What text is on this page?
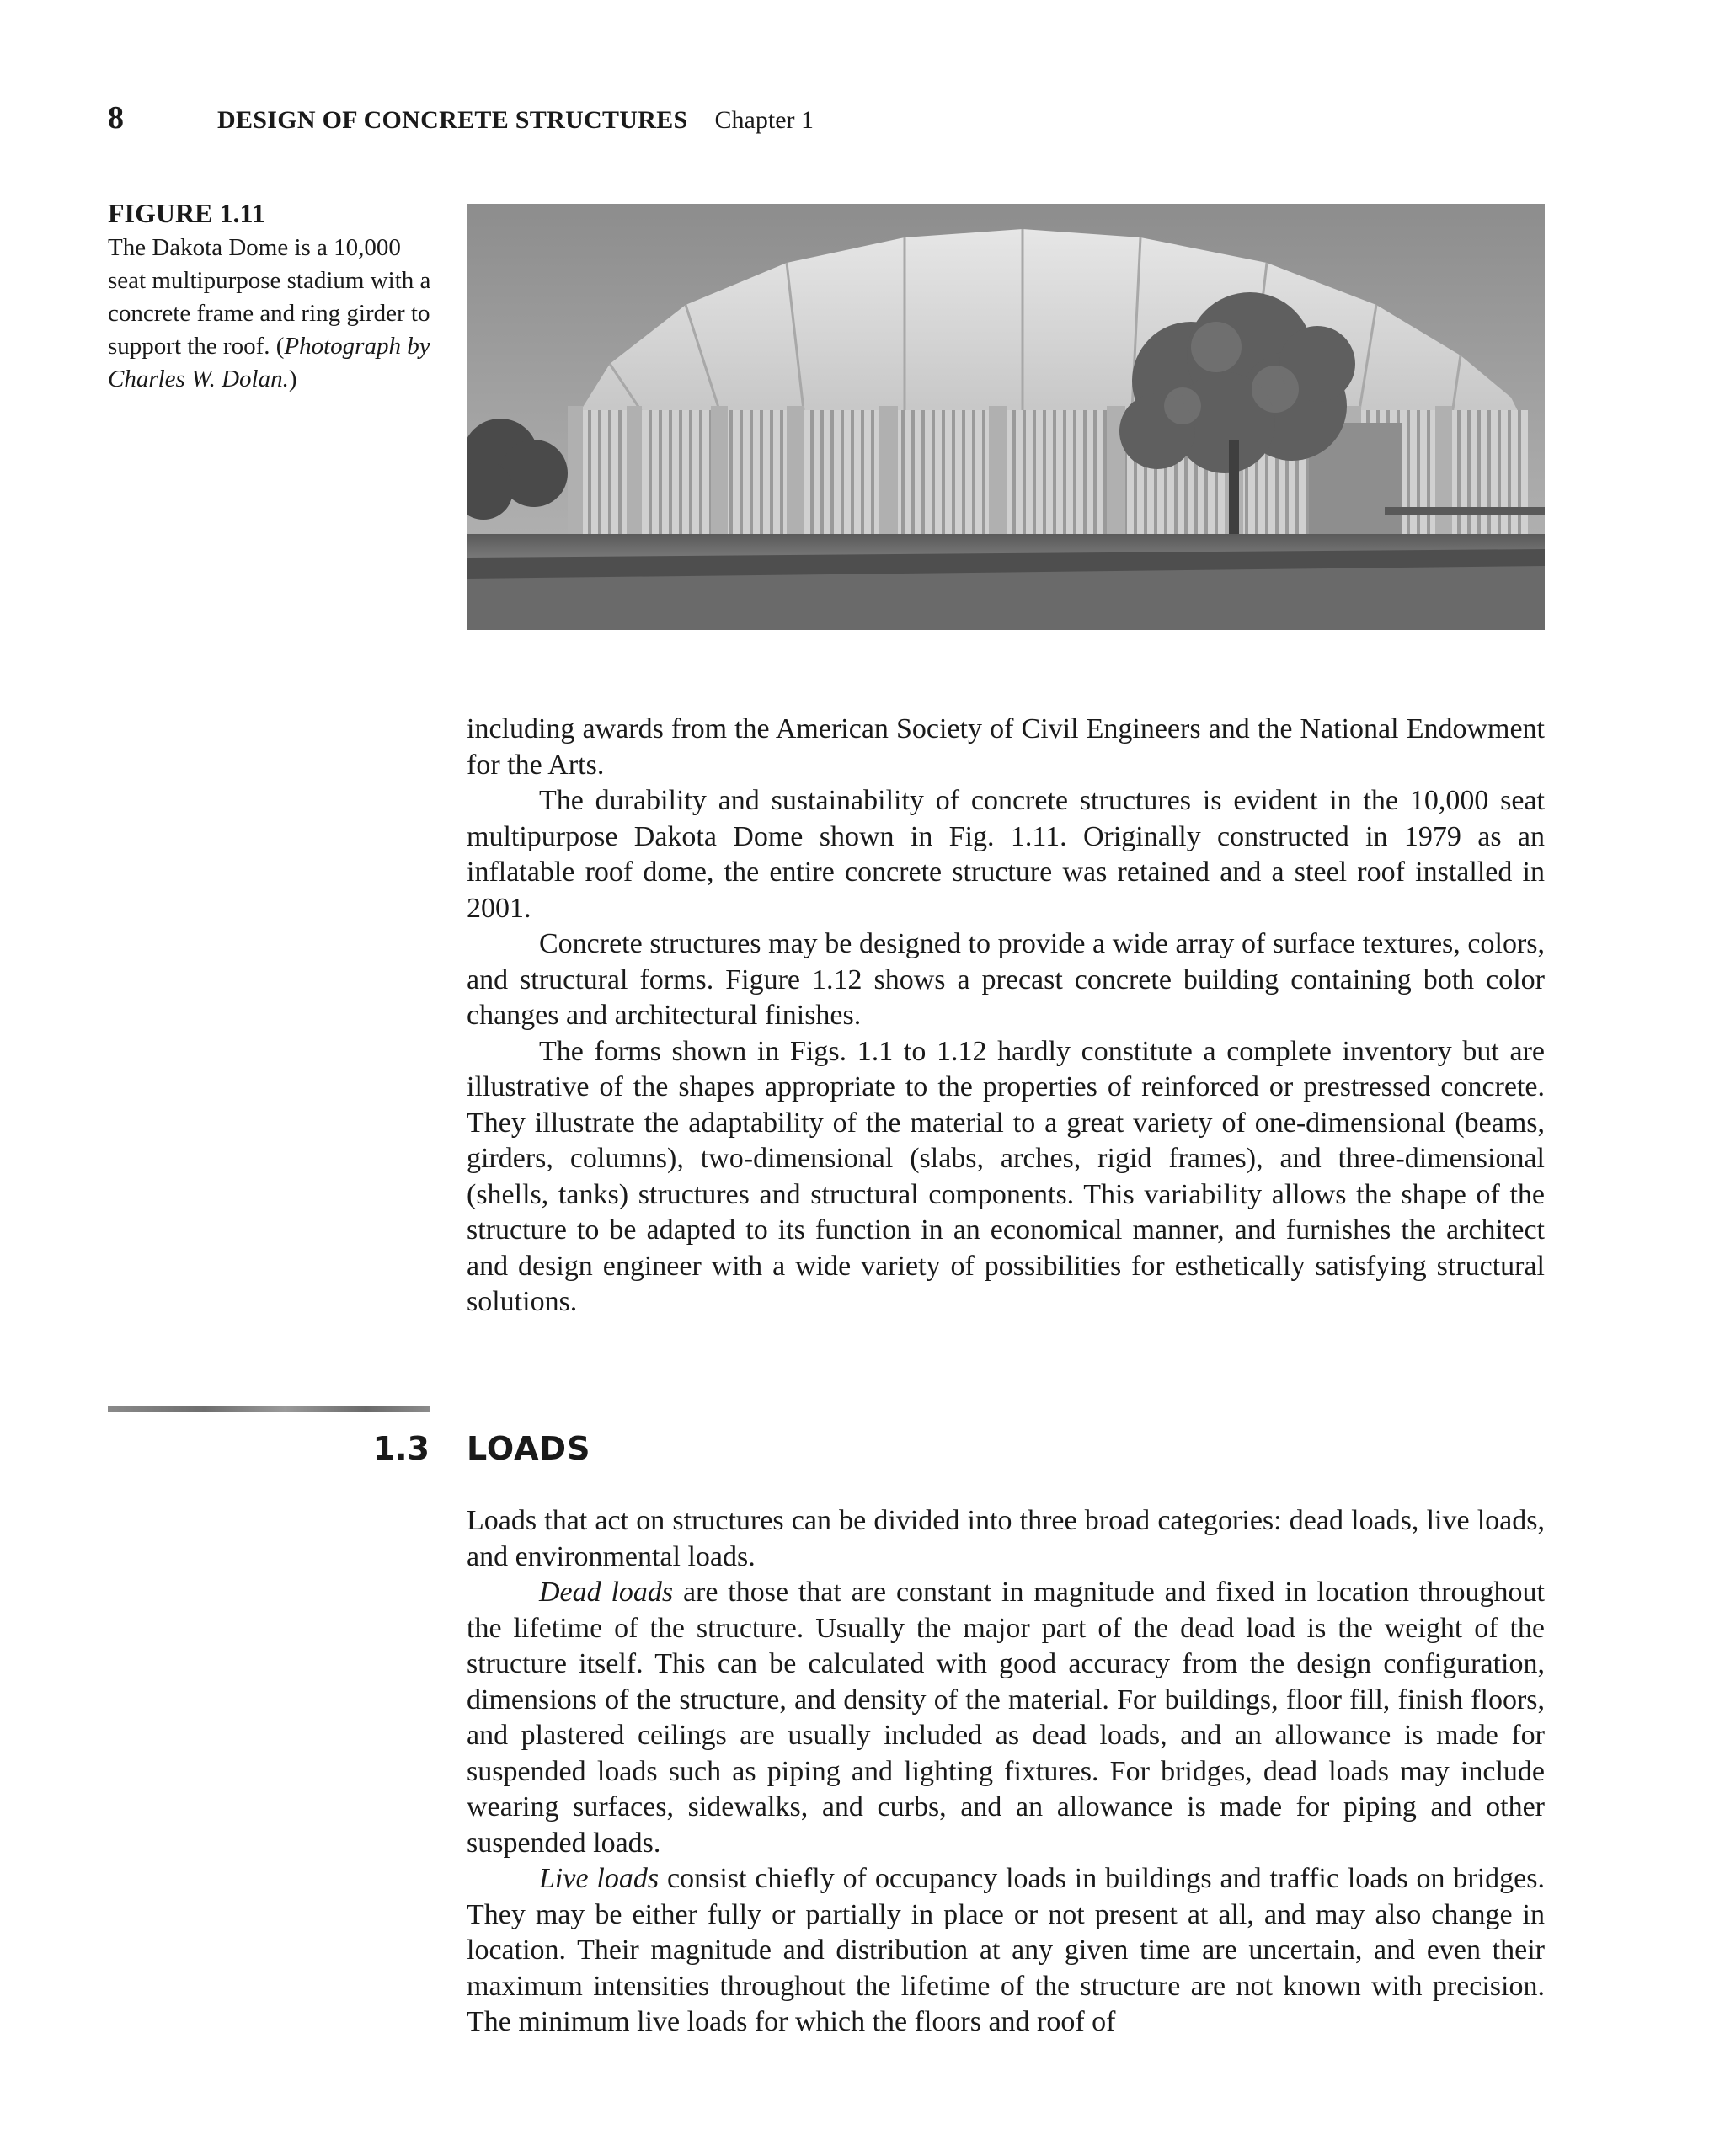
8	DESIGN OF CONCRETE STRUCTURES Chapter 1
FIGURE 1.11
The Dakota Dome is a 10,000 seat multipurpose stadium with a concrete frame and ring girder to support the roof. (Photograph by Charles W. Dolan.)

including awards from the American Society of Civil Engineers and the National Endowment for the Arts.

The durability and sustainability of concrete structures is evident in the 10,000 seat multipurpose Dakota Dome shown in Fig. 1.11. Originally constructed in 1979 as an inflatable roof dome, the entire concrete structure was retained and a steel roof installed in 2001.

Concrete structures may be designed to provide a wide array of surface textures, colors, and structural forms. Figure 1.12 shows a precast concrete building containing both color changes and architectural finishes.

The forms shown in Figs. 1.1 to 1.12 hardly constitute a complete inventory but are illustrative of the shapes appropriate to the properties of reinforced or prestressed concrete. They illustrate the adaptability of the material to a great variety of one-dimensional (beams, girders, columns), two-dimensional (slabs, arches, rigid frames), and three-dimensional (shells, tanks) structures and structural components. This variability allows the shape of the structure to be adapted to its function in an economical manner, and furnishes the architect and design engineer with a wide variety of possibilities for esthetically satisfying structural solutions.

1.3 LOADS

Loads that act on structures can be divided into three broad categories: dead loads, live loads, and environmental loads.

Dead loads are those that are constant in magnitude and fixed in location throughout the lifetime of the structure. Usually the major part of the dead load is the weight of the structure itself. This can be calculated with good accuracy from the design configuration, dimensions of the structure, and density of the material. For buildings, floor fill, finish floors, and plastered ceilings are usually included as dead loads, and an allowance is made for suspended loads such as piping and lighting fixtures. For bridges, dead loads may include wearing surfaces, sidewalks, and curbs, and an allowance is made for piping and other suspended loads.

Live loads consist chiefly of occupancy loads in buildings and traffic loads on bridges. They may be either fully or partially in place or not present at all, and may also change in location. Their magnitude and distribution at any given time are uncertain, and even their maximum intensities throughout the lifetime of the structure are not known with precision. The minimum live loads for which the floors and roof of
